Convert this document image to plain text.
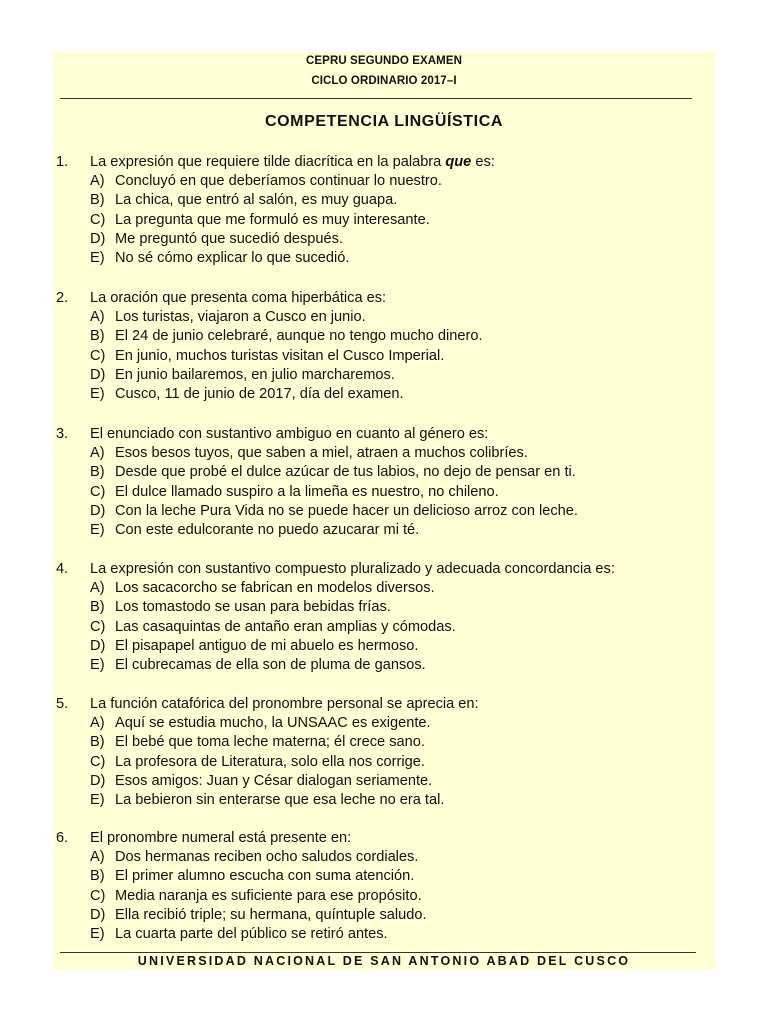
CEPRU SEGUNDO EXAMEN
CICLO ORDINARIO 2017–I
COMPETENCIA LINGÜÍSTICA
1. La expresión que requiere tilde diacrítica en la palabra que es:
A) Concluyó en que deberíamos continuar lo nuestro.
B) La chica, que entró al salón, es muy guapa.
C) La pregunta que me formuló es muy interesante.
D) Me preguntó que sucedió después.
E) No sé cómo explicar lo que sucedió.
2. La oración que presenta coma hiperbática es:
A) Los turistas, viajaron a Cusco en junio.
B) El 24 de junio celebraré, aunque no tengo mucho dinero.
C) En junio, muchos turistas visitan el Cusco Imperial.
D) En junio bailaremos, en julio marcharemos.
E) Cusco, 11 de junio de 2017, día del examen.
3. El enunciado con sustantivo ambiguo en cuanto al género es:
A) Esos besos tuyos, que saben a miel, atraen a muchos colibríes.
B) Desde que probé el dulce azúcar de tus labios, no dejo de pensar en ti.
C) El dulce llamado suspiro a la limeña es nuestro, no chileno.
D) Con la leche Pura Vida no se puede hacer un delicioso arroz con leche.
E) Con este edulcorante no puedo azucarar mi té.
4. La expresión con sustantivo compuesto pluralizado y adecuada concordancia es:
A) Los sacacorcho se fabrican en modelos diversos.
B) Los tomastodo se usan para bebidas frías.
C) Las casaquintas de antaño eran amplias y cómodas.
D) El pisapapel antiguo de mi abuelo es hermoso.
E) El cubrecamas de ella son de pluma de gansos.
5. La función catafórica del pronombre personal se aprecia en:
A) Aquí se estudia mucho, la UNSAAC es exigente.
B) El bebé que toma leche materna; él crece sano.
C) La profesora de Literatura, solo ella nos corrige.
D) Esos amigos: Juan y César dialogan seriamente.
E) La bebieron sin enterarse que esa leche no era tal.
6. El pronombre numeral está presente en:
A) Dos hermanas reciben ocho saludos cordiales.
B) El primer alumno escucha con suma atención.
C) Media naranja es suficiente para ese propósito.
D) Ella recibió triple; su hermana, quíntuple saludo.
E) La cuarta parte del público se retiró antes.
UNIVERSIDAD NACIONAL DE SAN ANTONIO ABAD DEL CUSCO
